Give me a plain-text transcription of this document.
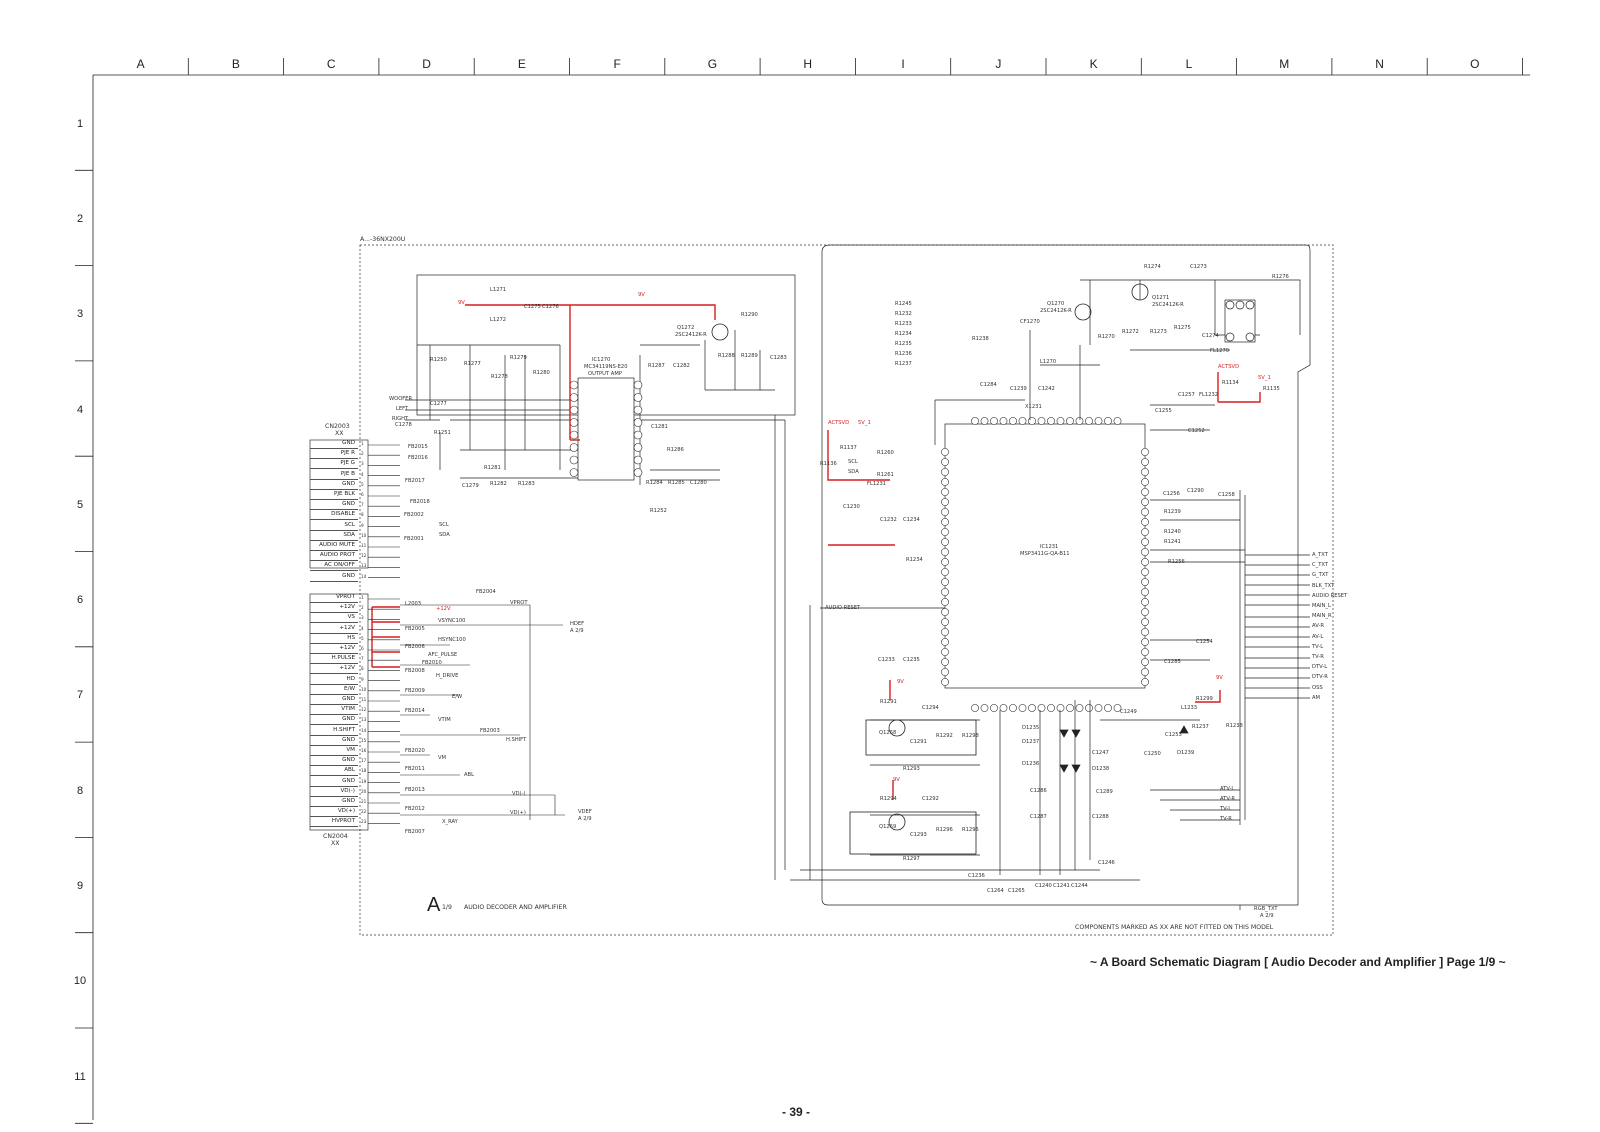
A	B	C	D	E	F	G	H	I	J	K	L	M	N	O
1
2
3
4
5
6
7
8
9
10
11
GND	1
PJE R	2
PJE G	3
PJE B	4
GND	5
PJE BLK	6
GND	7
DISABLE	8
SCL	9
SDA	10
AUDIO MUTE	11
AUDIO PROT	12
AC ON/OFF	13
GND	14
VPROT	1
+12V	2
VS	3
+12V	4
HS	5
+12V	6
H.PULSE	7
+12V	8
HD	9
E/W	10
GND	11
VTIM	12
GND	13
H.SHIFT	14
GND	15
VM	16
GND	17
ABL	18
GND	19
VD(-)	20
GND	21
VD(+)	22
HVPROT	23
A...-36NX200U
CN2003
XX
CN2004
XX
WOOFER
LEFT
RIGHT
L1271
L1272
C1275 C1276
9V
9V
R1290
Q1272
2SC2412K-R
R1288 R1289 C1283
C1282
R1287
IC1270
MC34119NS-E20
OUTPUT AMP
R1250
R1277
R1278
R1279
R1280
C1277
C1278
R1251
R1281
R1282 R1283
C1279
C1281
R1286
R1284 R1285 C1280
R1252
FB2015
FB2016
FB2017
FB2018
FB2002
FB2001
SCL
SDA
FB2004
VPROT
L2003
+12V
VSYNC100
FB2005
HSYNC100
FB2006
AFC_PULSE
FB2010
FB2008
H_DRIVE
FB2009
E/W
FB2014
VTIM
FB2003
H.SHIFT
FB2020
VM
FB2011
ABL
FB2013
VD(-)
FB2012
VD(+)
X_RAY
FB2007
HDEF
A 2/9
VDEF
A 2/9
R1245
R1232
R1233
R1234
R1235
R1236
R1237
R1238
CF1270
L1270
Q1270
2SC2412K-R
Q1271
2SC2412K-R
R1274	C1273
R1276
R1270
R1272 R1273
R1275
C1274
FL1270
C1284
C1239 C1242
X1231
ACTSVD
5V_1
R1134
R1135
C1257 FL1232
C1255
C1252
C1256 C1290
C1258
R1239
R1240
R1241
R1256
C1254
C1285
IC1231
MSP3411G-QA-B11
ACTSVD 5V_1
R1137
R1136
R1260
SCL
SDA	R1261
FL1231
C1230
C1232 C1234
R1234
AUDIO RESET
C1233 C1235
9V
R1291
C1294
Q1268
C1291
R1292 R1298
R1293
9V
R1294	C1292
Q1269
C1293
R1296 R1295
R1297
C1236
C1264 C1265
D1235
D1237
D1236
D1238
C1286
C1287	C1288
C1289
C1240 C1241 C1244
C1246
C1247
C1249
C1250
C1253
L1233
R1237
D1239
R1299
R1238
9V
A_TXT
C_TXT
G_TXT
BLK_TXT
AUDIO RESET
MAIN_L
MAIN_R
AV-R
AV-L
TV-L
TV-R
DTV-L
DTV-R
OSS
AM
ATV-L
ATV-R
TV-L
TV-R
RGB_TXT
A 2/9
A 1/9 AUDIO DECODER AND AMPLIFIER
COMPONENTS MARKED AS XX ARE NOT FITTED ON THIS MODEL
~ A Board Schematic Diagram [ Audio Decoder and Amplifier ] Page 1/9 ~
- 39 -
